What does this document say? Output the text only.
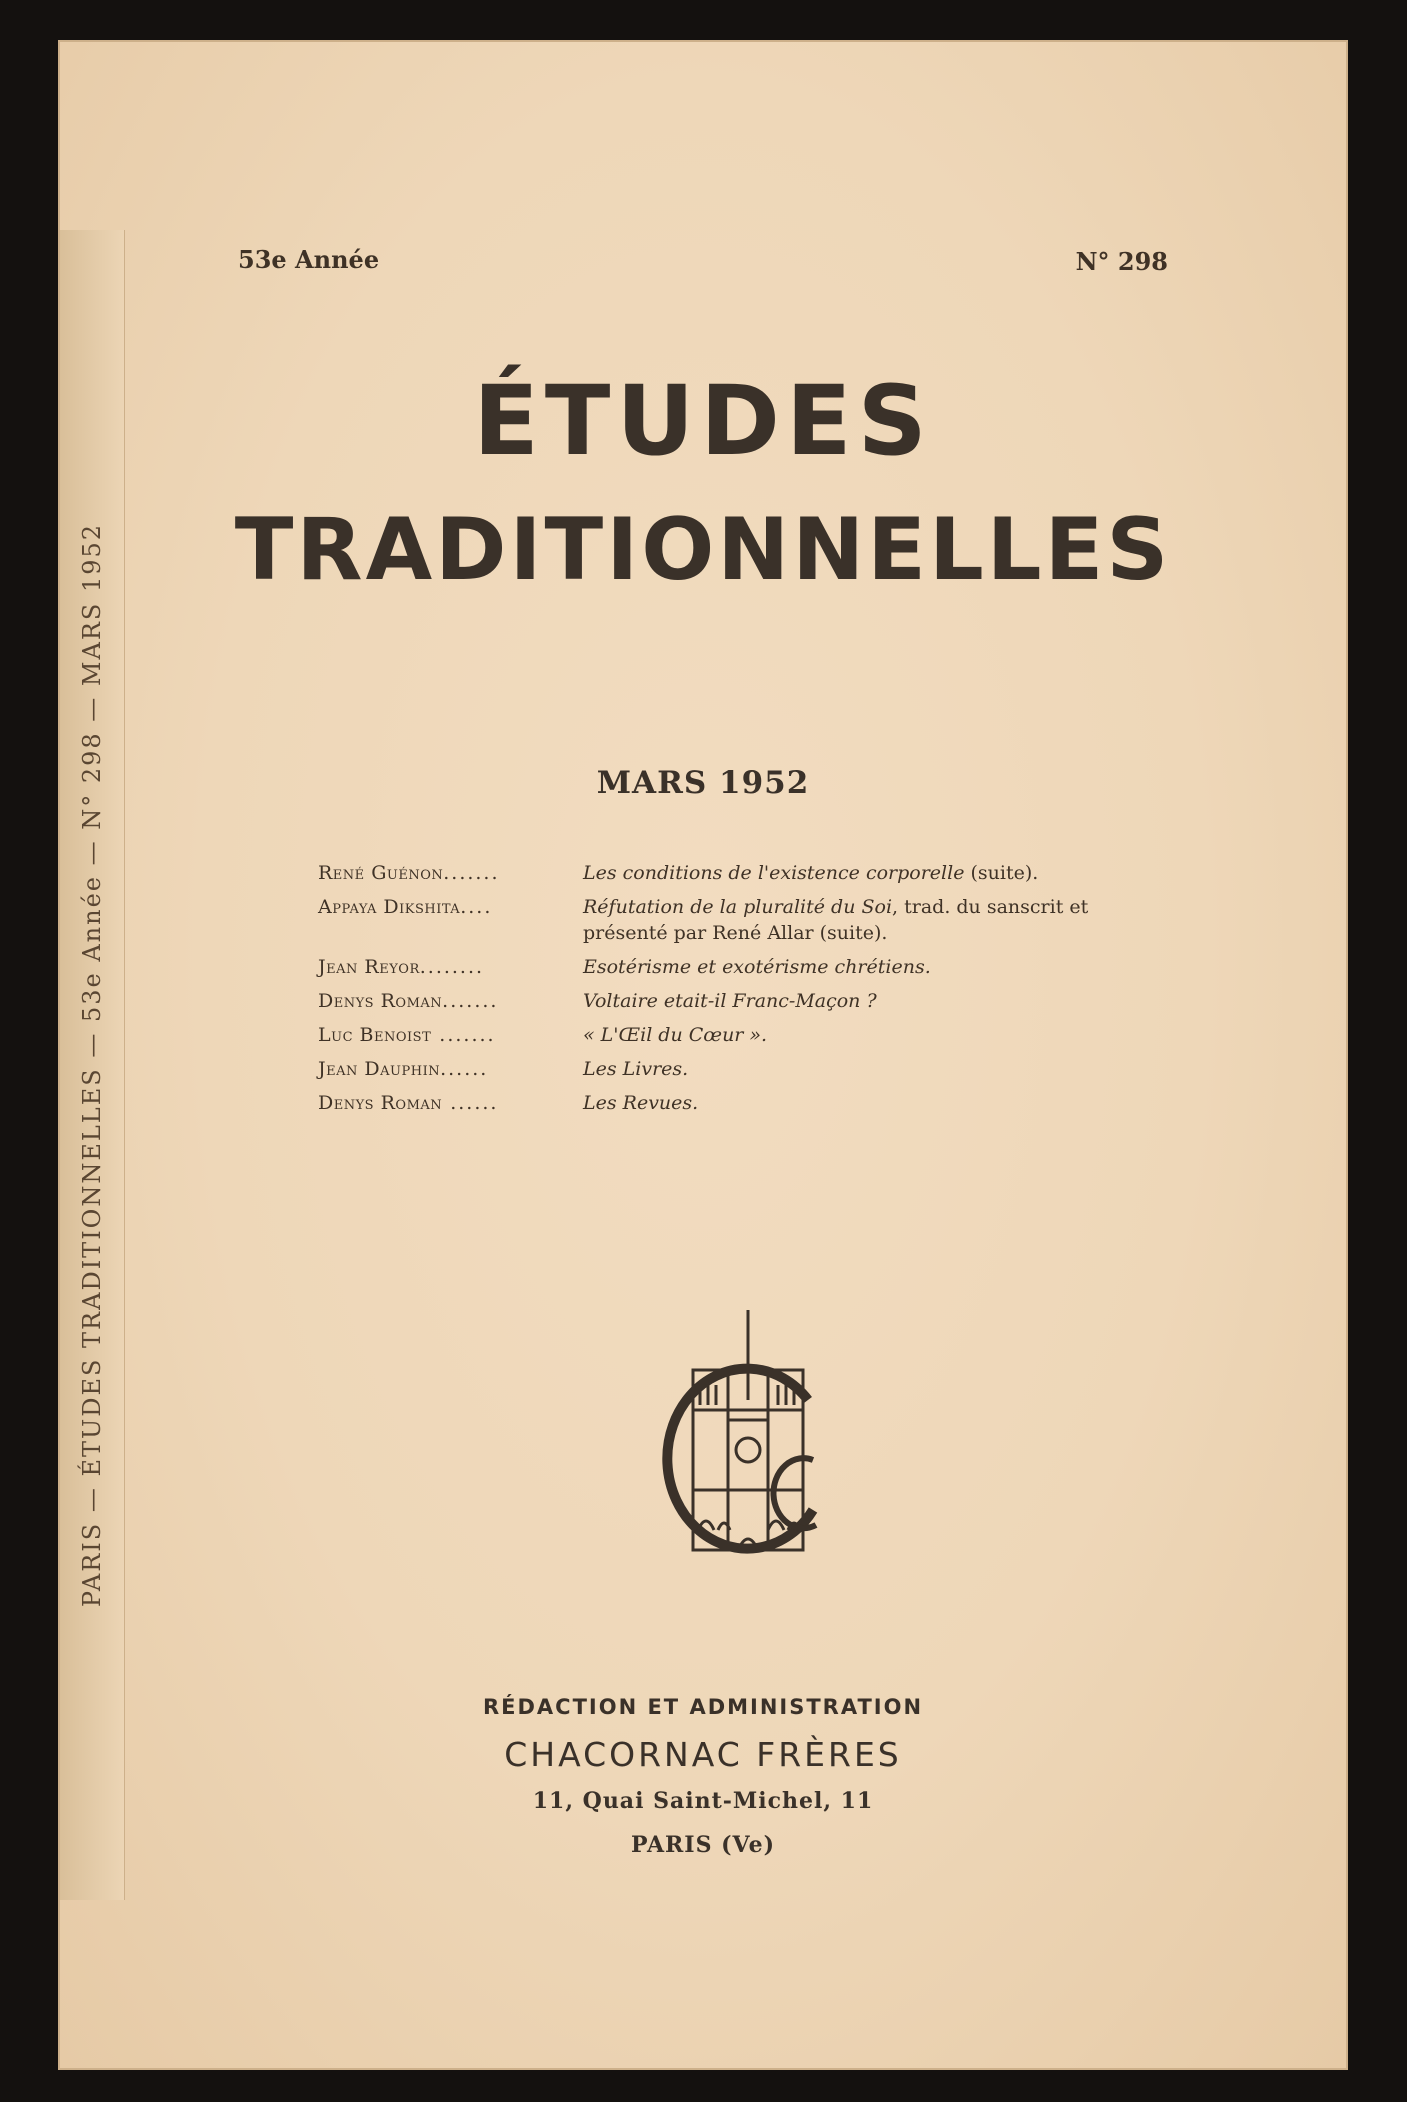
PARIS — ÉTUDES TRADITIONNELLES — 53e Année — N° 298 — MARS 1952
53e Année	N° 298
ÉTUDES
TRADITIONNELLES
MARS 1952
René Guénon.......	Les conditions de l'existence corporelle (suite).
Appaya Dikshita....	Réfutation de la pluralité du Soi, trad. du sanscrit et présenté par René Allar (suite).
Jean Reyor........	Esotérisme et exotérisme chrétiens.
Denys Roman.......	Voltaire etait-il Franc-Maçon ?
Luc Benoist .......	« L'Œil du Cœur ».
Jean Dauphin......	Les Livres.
Denys Roman ......	Les Revues.
RÉDACTION ET ADMINISTRATION
CHACORNAC FRÈRES
11, Quai Saint-Michel, 11
PARIS (Ve)
